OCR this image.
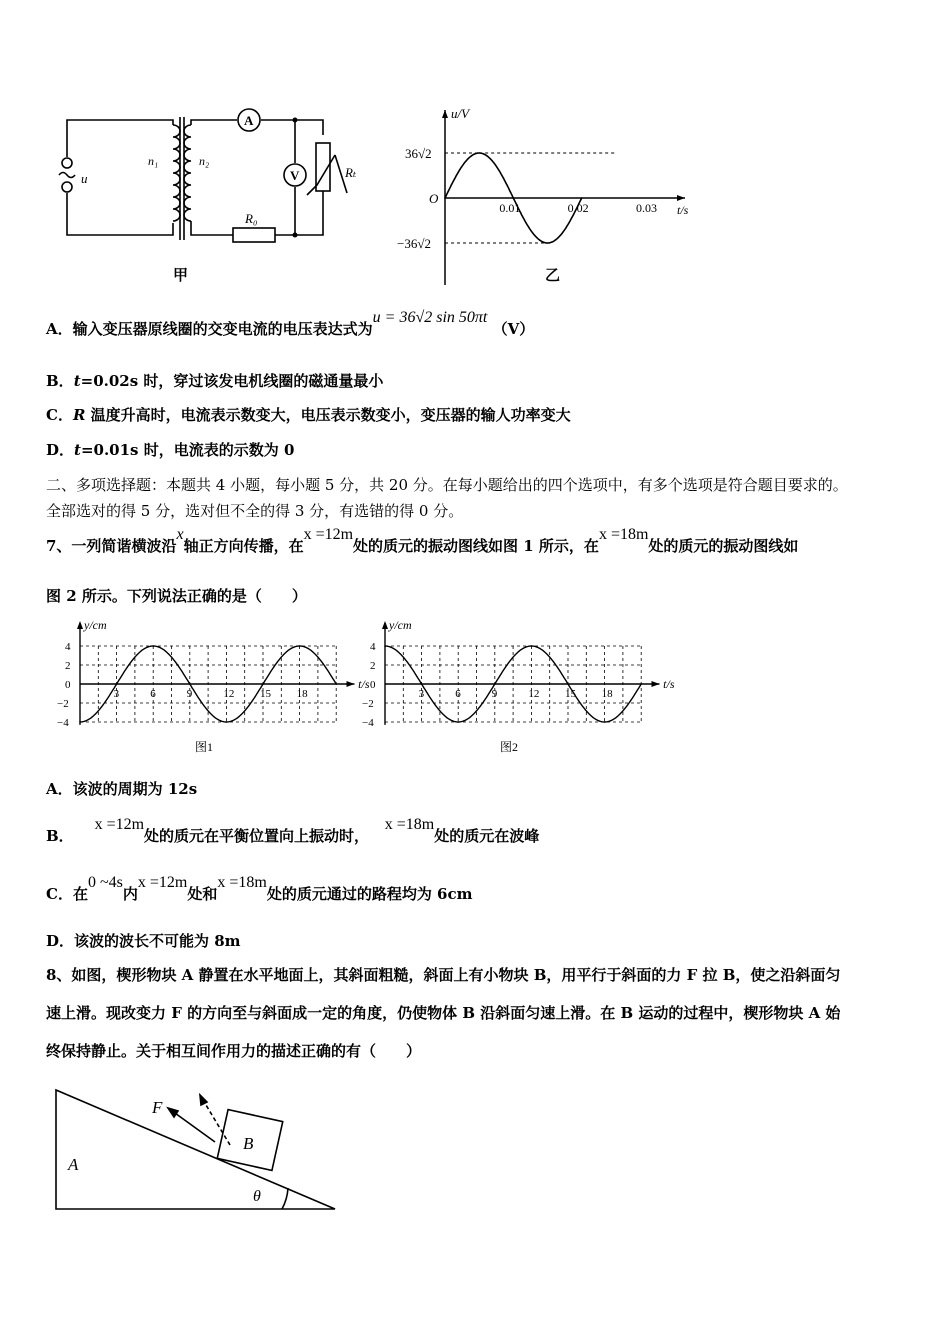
u
n₁	n₂
A
V	Rₜ
R₀
甲
u/V
t/s
36√2
O
−36√2
0.01	0.02	0.03
乙
A．输入变压器原线圈的交变电流的电压表达式为u = 36√2 sin 50πt （V）
B．t=0.02s 时，穿过该发电机线圈的磁通量最小
C．R 温度升高时，电流表示数变大，电压表示数变小，变压器的输人功率变大
D．t=0.01s 时，电流表的示数为 0
二、多项选择题：本题共 4 小题，每小题 5 分，共 20 分。在每小题给出的四个选项中，有多个选项是符合题目要求的。
全部选对的得 5 分，选对但不全的得 3 分，有选错的得 0 分。
7、一列简谐横波沿x轴正方向传播，在x =12m处的质元的振动图线如图 1 所示，在x =18m处的质元的振动图线如
图 2 所示。下列说法正确的是（　　）
y/cm
t/s
4
2
0
−2
−4
3	6	9	12 15 18
图1
y/cm
t/s
4
2
0
−2
−4
3	6	9	12 15 18
图2
A．该波的周期为 12s
B．    x =12m处的质元在平衡位置向上振动时，   x =18m处的质元在波峰
C．在0 ~4s内x =12m处和x =18m处的质元通过的路程均为 6cm
D．该波的波长不可能为 8m
8、如图，楔形物块 A 静置在水平地面上，其斜面粗糙，斜面上有小物块 B，用平行于斜面的力 F 拉 B，使之沿斜面匀
速上滑。现改变力 F 的方向至与斜面成一定的角度，仍使物体 B 沿斜面匀速上滑。在 B 运动的过程中，楔形物块 A 始
终保持静止。关于相互间作用力的描述正确的有（　　）
A
B
F
θ
